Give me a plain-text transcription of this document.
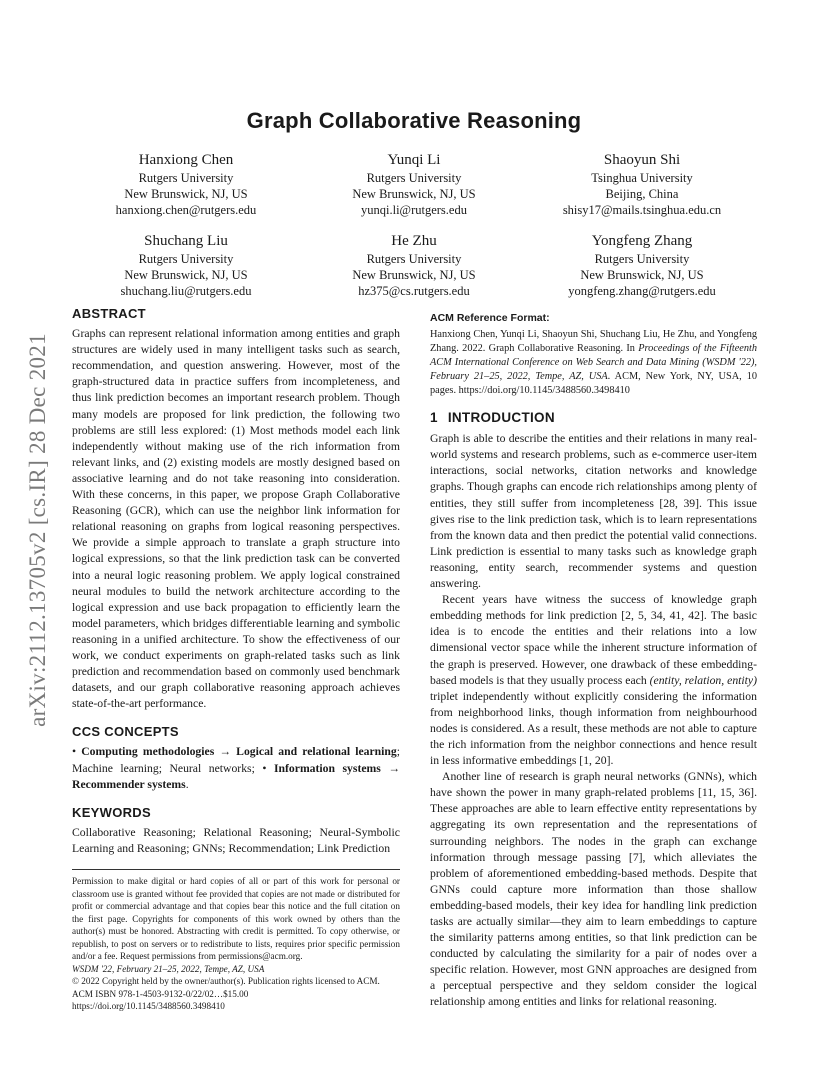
arXiv:2112.13705v2 [cs.IR] 28 Dec 2021
Graph Collaborative Reasoning
Hanxiong Chen
Rutgers University
New Brunswick, NJ, US
hanxiong.chen@rutgers.edu
Yunqi Li
Rutgers University
New Brunswick, NJ, US
yunqi.li@rutgers.edu
Shaoyun Shi
Tsinghua University
Beijing, China
shisy17@mails.tsinghua.edu.cn
Shuchang Liu
Rutgers University
New Brunswick, NJ, US
shuchang.liu@rutgers.edu
He Zhu
Rutgers University
New Brunswick, NJ, US
hz375@cs.rutgers.edu
Yongfeng Zhang
Rutgers University
New Brunswick, NJ, US
yongfeng.zhang@rutgers.edu
ABSTRACT

Graphs can represent relational information among entities and graph structures are widely used in many intelligent tasks such as search, recommendation, and question answering. However, most of the graph-structured data in practice suffers from incompleteness, and thus link prediction becomes an important research problem. Though many models are proposed for link prediction, the following two problems are still less explored: (1) Most methods model each link independently without making use of the rich information from relevant links, and (2) existing models are mostly designed based on associative learning and do not take reasoning into consideration. With these concerns, in this paper, we propose Graph Collaborative Reasoning (GCR), which can use the neighbor link information for relational reasoning on graphs from logical reasoning perspectives. We provide a simple approach to translate a graph structure into logical expressions, so that the link prediction task can be converted into a neural logic reasoning problem. We apply logical constrained neural modules to build the network architecture according to the logical expression and use back propagation to efficiently learn the model parameters, which bridges differentiable learning and symbolic reasoning in a unified architecture. To show the effectiveness of our work, we conduct experiments on graph-related tasks such as link prediction and recommendation based on commonly used benchmark datasets, and our graph collaborative reasoning approach achieves state-of-the-art performance.

CCS CONCEPTS

• Computing methodologies → Logical and relational learning; Machine learning; Neural networks; • Information systems → Recommender systems.

KEYWORDS

Collaborative Reasoning; Relational Reasoning; Neural-Symbolic Learning and Reasoning; GNNs; Recommendation; Link Prediction

Permission to make digital or hard copies of all or part of this work for personal or classroom use is granted without fee provided that copies are not made or distributed for profit or commercial advantage and that copies bear this notice and the full citation on the first page. Copyrights for components of this work owned by others than the author(s) must be honored. Abstracting with credit is permitted. To copy otherwise, or republish, to post on servers or to redistribute to lists, requires prior specific permission and/or a fee. Request permissions from permissions@acm.org.
WSDM '22, February 21–25, 2022, Tempe, AZ, USA
© 2022 Copyright held by the owner/author(s). Publication rights licensed to ACM.
ACM ISBN 978-1-4503-9132-0/22/02…$15.00
https://doi.org/10.1145/3488560.3498410
ACM Reference Format:
Hanxiong Chen, Yunqi Li, Shaoyun Shi, Shuchang Liu, He Zhu, and Yongfeng Zhang. 2022. Graph Collaborative Reasoning. In Proceedings of the Fifteenth ACM International Conference on Web Search and Data Mining (WSDM '22), February 21–25, 2022, Tempe, AZ, USA. ACM, New York, NY, USA, 10 pages. https://doi.org/10.1145/3488560.3498410
1 INTRODUCTION

Graph is able to describe the entities and their relations in many real-world systems and research problems, such as e-commerce user-item interactions, social networks, citation networks and knowledge graphs. Though graphs can encode rich relationships among plenty of entities, they still suffer from incompleteness [28, 39]. This issue gives rise to the link prediction task, which is to learn representations from the known data and then predict the potential valid connections. Link prediction is essential to many tasks such as knowledge graph reasoning, entity search, recommender systems and question answering.

Recent years have witness the success of knowledge graph embedding methods for link prediction [2, 5, 34, 41, 42]. The basic idea is to encode the entities and their relations into a low dimensional vector space while the inherent structure information of the graph is preserved. However, one drawback of these embedding-based models is that they usually process each (entity, relation, entity) triplet independently without explicitly considering the information from neighborhood links, though information from neighbourhood nodes is considered. As a result, these methods are not able to capture the rich information from the neighbor connections and hence result in less informative embeddings [1, 20].

Another line of research is graph neural networks (GNNs), which have shown the power in many graph-related problems [11, 15, 36]. These approaches are able to learn effective entity representations by aggregating its own representation and the representations of surrounding neighbors. The nodes in the graph can exchange information through message passing [7], which alleviates the problem of aforementioned embedding-based methods. Despite that GNNs could capture more information than those shallow embedding-based models, their key idea for handling link prediction tasks are actually similar—they aim to learn embeddings to capture the similarity patterns among entities, so that link prediction can be conducted by calculating the similarity for a pair of nodes over a specific relation. However, most GNN approaches are designed from a perceptual perspective and they seldom consider the logical relationship among entities and links for relational reasoning.
